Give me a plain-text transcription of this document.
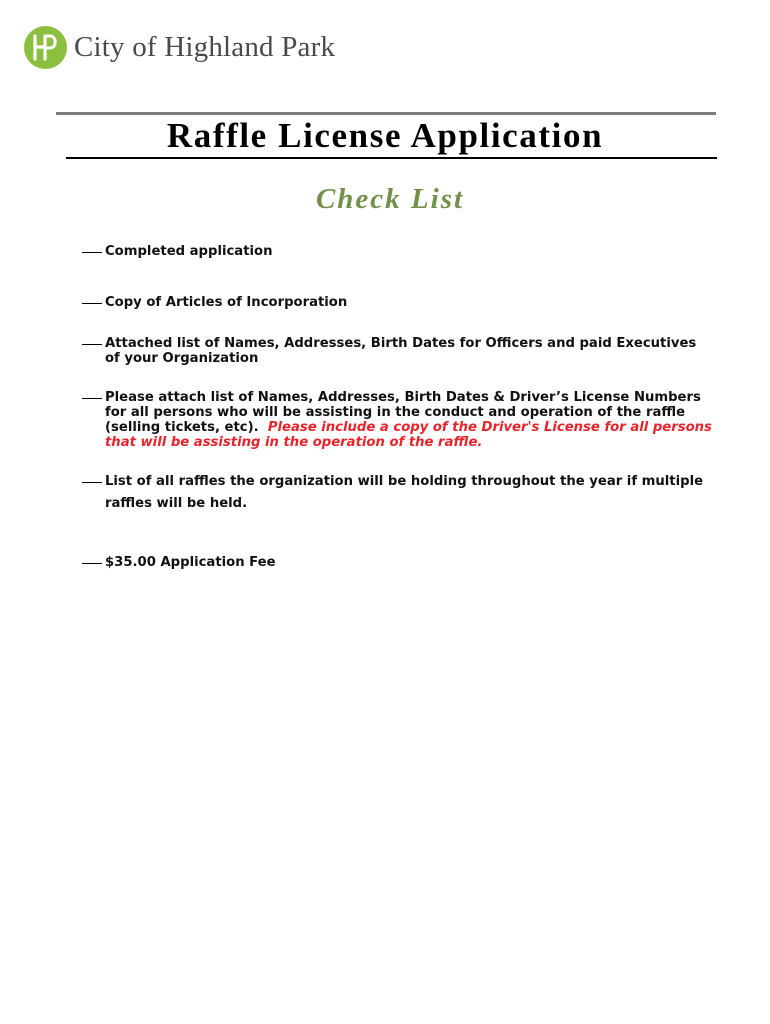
City of Highland Park
Raffle License Application
Check List
Completed application
Copy of Articles of Incorporation
Attached list of Names, Addresses, Birth Dates for Officers and paid Executives of your Organization
Please attach list of Names, Addresses, Birth Dates & Driver’s License Numbers for all persons who will be assisting in the conduct and operation of the raffle (selling tickets, etc). Please include a copy of the Driver's License for all persons that will be assisting in the operation of the raffle.
List of all raffles the organization will be holding throughout the year if multiple raffles will be held.
$35.00 Application Fee
